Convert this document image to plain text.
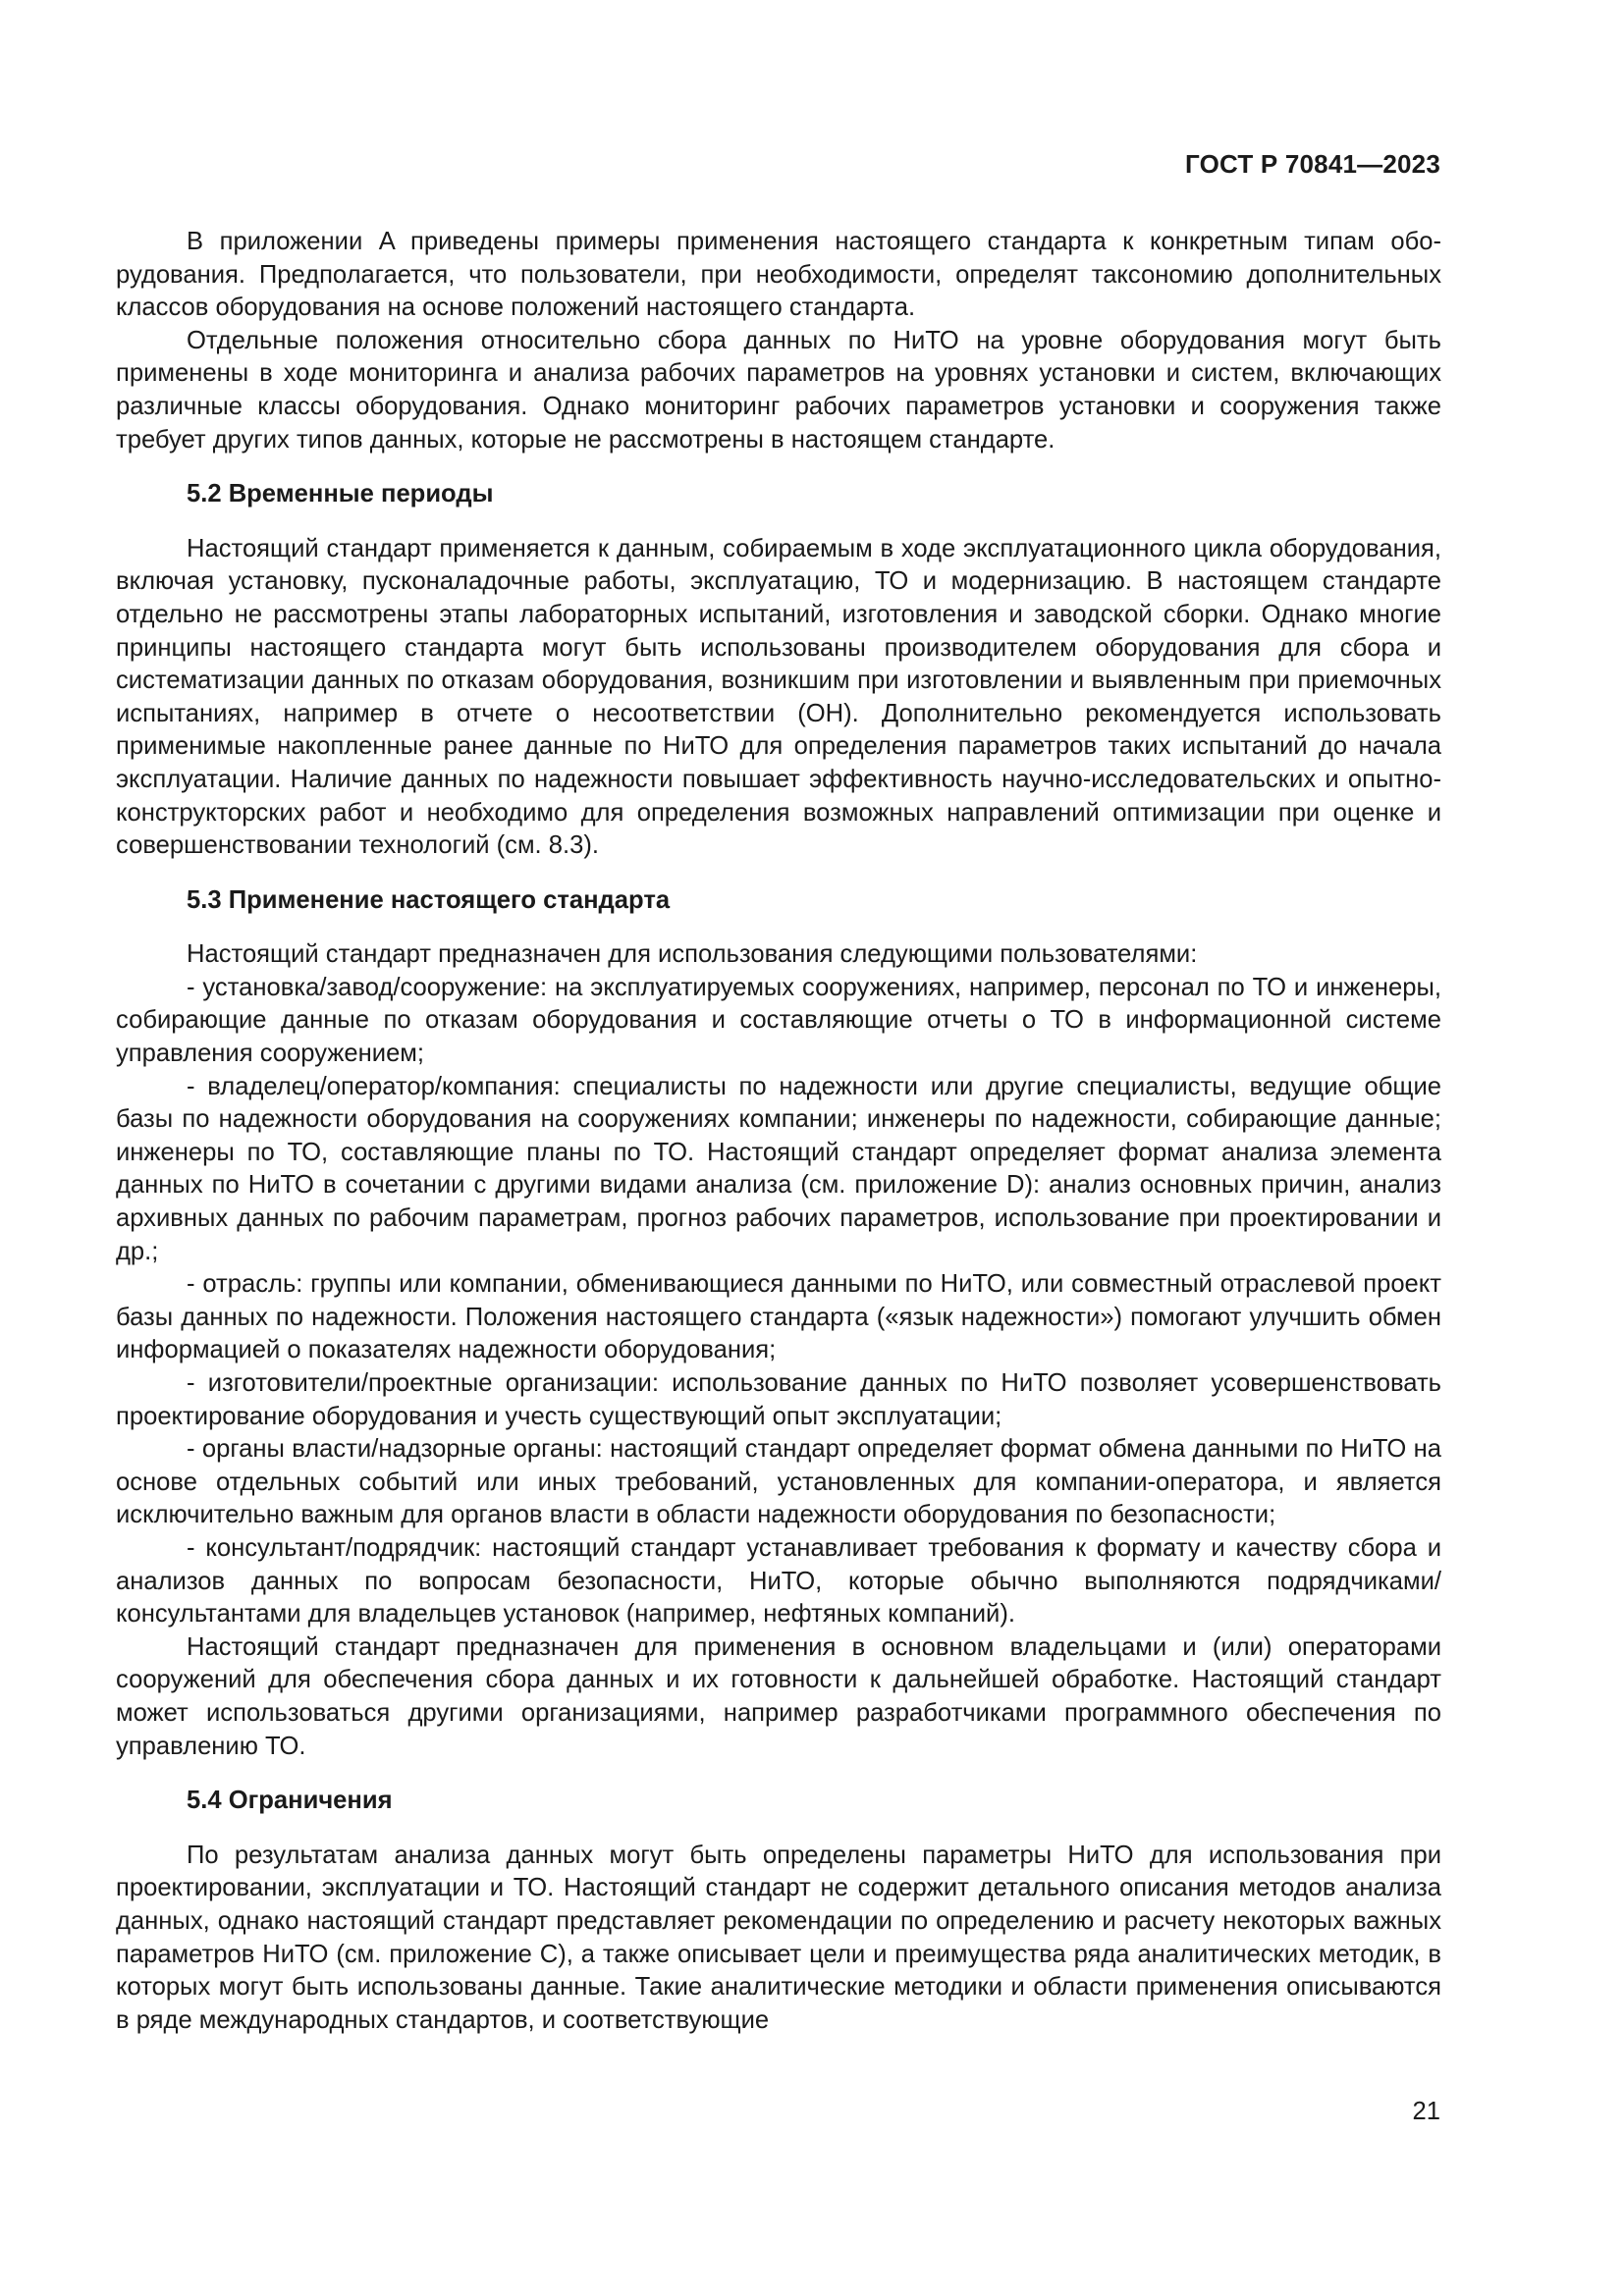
ГОСТ Р 70841—2023

В приложении A приведены примеры применения настоящего стандарта к конкретным типам оборудования. Предполагается, что пользователи, при необходимости, определят таксономию дополнительных классов оборудования на основе положений настоящего стандарта.

Отдельные положения относительно сбора данных по НиТО на уровне оборудования могут быть применены в ходе мониторинга и анализа рабочих параметров на уровнях установки и систем, включающих различные классы оборудования. Однако мониторинг рабочих параметров установки и сооружения также требует других типов данных, которые не рассмотрены в настоящем стандарте.

5.2 Временные периоды

Настоящий стандарт применяется к данным, собираемым в ходе эксплуатационного цикла оборудования, включая установку, пусконаладочные работы, эксплуатацию, ТО и модернизацию. В настоящем стандарте отдельно не рассмотрены этапы лабораторных испытаний, изготовления и заводской сборки. Однако многие принципы настоящего стандарта могут быть использованы производителем оборудования для сбора и систематизации данных по отказам оборудования, возникшим при изготовлении и выявленным при приемочных испытаниях, например в отчете о несоответствии (ОН). Дополнительно рекомендуется использовать применимые накопленные ранее данные по НиТО для определения параметров таких испытаний до начала эксплуатации. Наличие данных по надежности повышает эффективность научно-исследовательских и опытно-конструкторских работ и необходимо для определения возможных направлений оптимизации при оценке и совершенствовании технологий (см. 8.3).

5.3 Применение настоящего стандарта

Настоящий стандарт предназначен для использования следующими пользователями:

- установка/завод/сооружение: на эксплуатируемых сооружениях, например, персонал по ТО и инженеры, собирающие данные по отказам оборудования и составляющие отчеты о ТО в информационной системе управления сооружением;

- владелец/оператор/компания: специалисты по надежности или другие специалисты, ведущие общие базы по надежности оборудования на сооружениях компании; инженеры по надежности, собирающие данные; инженеры по ТО, составляющие планы по ТО. Настоящий стандарт определяет формат анализа элемента данных по НиТО в сочетании с другими видами анализа (см. приложение D): анализ основных причин, анализ архивных данных по рабочим параметрам, прогноз рабочих параметров, использование при проектировании и др.;

- отрасль: группы или компании, обменивающиеся данными по НиТО, или совместный отраслевой проект базы данных по надежности. Положения настоящего стандарта («язык надежности») помогают улучшить обмен информацией о показателях надежности оборудования;

- изготовители/проектные организации: использование данных по НиТО позволяет усовершенствовать проектирование оборудования и учесть существующий опыт эксплуатации;

- органы власти/надзорные органы: настоящий стандарт определяет формат обмена данными по НиТО на основе отдельных событий или иных требований, установленных для компании-оператора, и является исключительно важным для органов власти в области надежности оборудования по безопасности;

- консультант/подрядчик: настоящий стандарт устанавливает требования к формату и качеству сбора и анализов данных по вопросам безопасности, НиТО, которые обычно выполняются подрядчиками/консультантами для владельцев установок (например, нефтяных компаний).

Настоящий стандарт предназначен для применения в основном владельцами и (или) операторами сооружений для обеспечения сбора данных и их готовности к дальнейшей обработке. Настоящий стандарт может использоваться другими организациями, например разработчиками программного обеспечения по управлению ТО.

5.4 Ограничения

По результатам анализа данных могут быть определены параметры НиТО для использования при проектировании, эксплуатации и ТО. Настоящий стандарт не содержит детального описания методов анализа данных, однако настоящий стандарт представляет рекомендации по определению и расчету некоторых важных параметров НиТО (см. приложение С), а также описывает цели и преимущества ряда аналитических методик, в которых могут быть использованы данные. Такие аналитические методики и области применения описываются в ряде международных стандартов, и соответствующие

21
